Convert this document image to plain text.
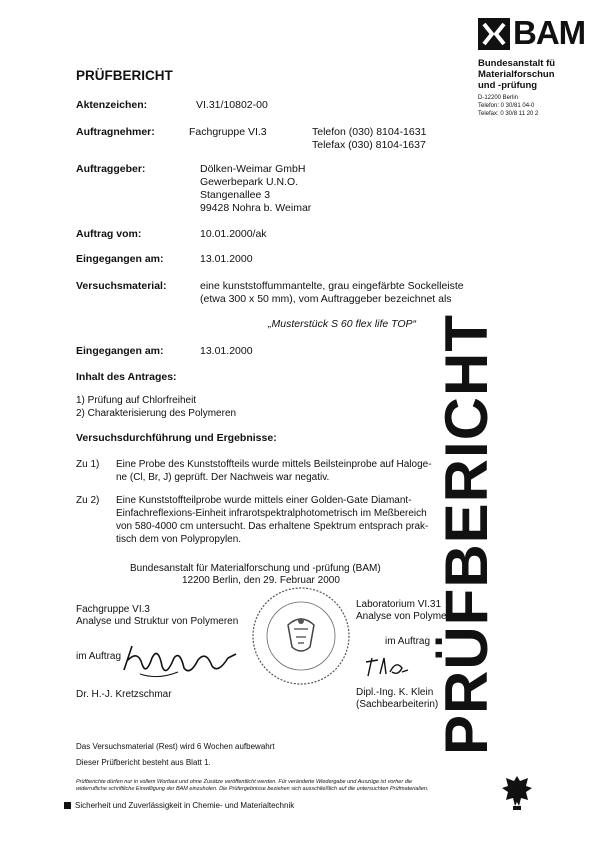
BAM
Bundesanstalt fü
Materialforschun
und -prüfung
D-12200 Berlin
Telefon: 0 30/81 04-0
Telefax: 0 30/8 11 20 2
PRÜFBERICHT
Aktenzeichen:	VI.31/10802-00
Auftragnehmer:	Fachgruppe VI.3	Telefon (030) 8104-1631
Telefax (030) 8104-1637
Auftraggeber:	Dölken-Weimar GmbH
Gewerbepark U.N.O.
Stangenallee 3
99428 Nohra b. Weimar
Auftrag vom:	10.01.2000/ak
Eingegangen am:	13.01.2000
Versuchsmaterial:	eine kunststoffummantelte, grau eingefärbte Sockelleiste
(etwa 300 x 50 mm), vom Auftraggeber bezeichnet als
„Musterstück S 60 flex life TOP“
Eingegangen am:	13.01.2000
Inhalt des Antrages:
1) Prüfung auf Chlorfreiheit
2) Charakterisierung des Polymeren
Versuchsdurchführung und Ergebnisse:
Zu 1) Eine Probe des Kunststoffteils wurde mittels Beilsteinprobe auf Haloge-
ne (Cl, Br, J) geprüft. Der Nachweis war negativ.
Zu 2) Eine Kunststoffteilprobe wurde mittels einer Golden-Gate Diamant-
Einfachreflexions-Einheit infrarotspektralphotometrisch im Meßbereich
von 580-4000 cm untersucht. Das erhaltene Spektrum entsprach prak-
tisch dem von Polypropylen.
Bundesanstalt für Materialforschung und -prüfung (BAM)
12200 Berlin, den 29. Februar 2000
Fachgruppe VI.3
Analyse und Struktur von Polymeren
Laboratorium VI.31
Analyse von Polymeren
im Auftrag
Dr. H.-J. Kretzschmar
im Auftrag
Dipl.-Ing. K. Klein
(Sachbearbeiterin)
Das Versuchsmaterial (Rest) wird 6 Wochen aufbewahrt
Dieser Prüfbericht besteht aus Blatt 1.
Prüfberichte dürfen nur in vollem Wortlaut und ohne Zusätze veröffentlicht werden. Für veränderte Wiedergabe und Auszüge ist vorher die
widerrufliche schriftliche Einwilligung der BAM einzuholen. Die Prüfergebnisse beziehen sich ausschließlich auf die untersuchten Prüfmaterialien.
Sicherheit und Zuverlässigkeit in Chemie- und Materialtechnik
PRÜFBERICHT
